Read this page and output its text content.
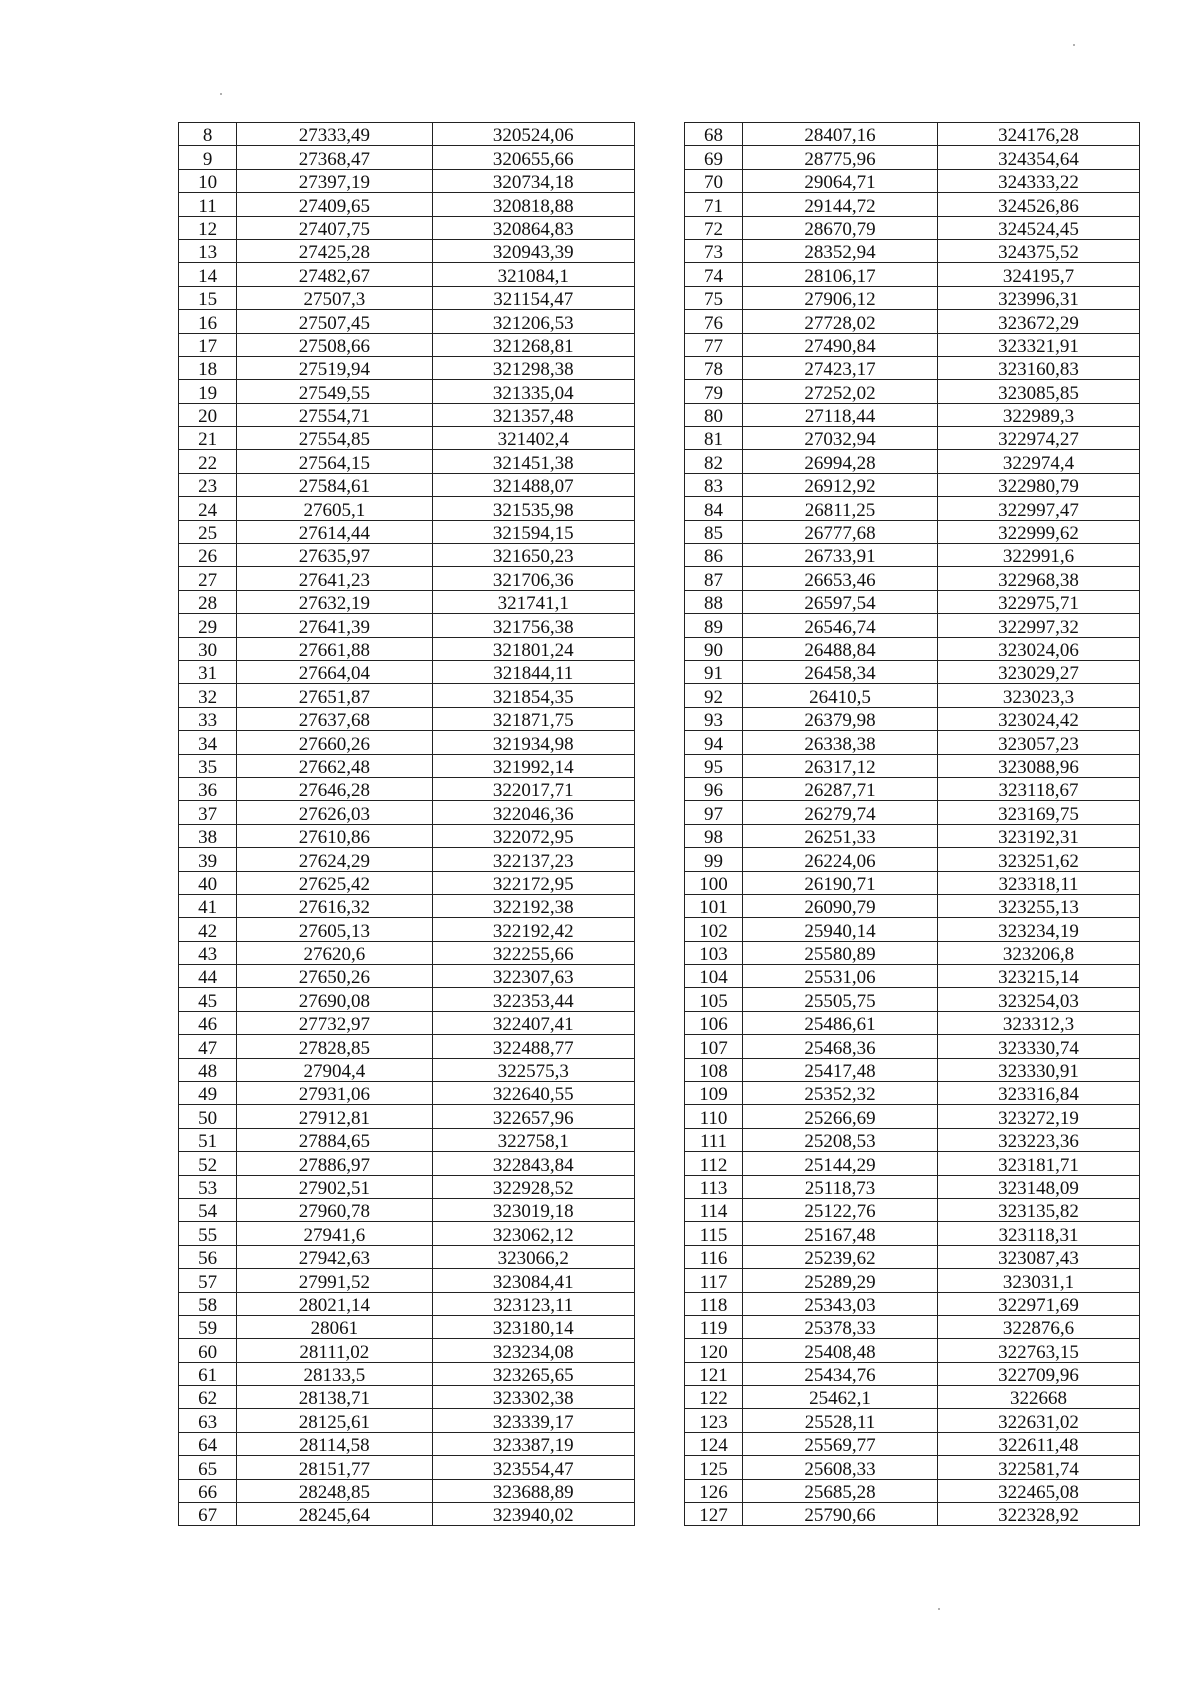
8	27333,49	320524,06
9	27368,47	320655,66
10	27397,19	320734,18
11	27409,65	320818,88
12	27407,75	320864,83
13	27425,28	320943,39
14	27482,67	321084,1
15	27507,3	321154,47
16	27507,45	321206,53
17	27508,66	321268,81
18	27519,94	321298,38
19	27549,55	321335,04
20	27554,71	321357,48
21	27554,85	321402,4
22	27564,15	321451,38
23	27584,61	321488,07
24	27605,1	321535,98
25	27614,44	321594,15
26	27635,97	321650,23
27	27641,23	321706,36
28	27632,19	321741,1
29	27641,39	321756,38
30	27661,88	321801,24
31	27664,04	321844,11
32	27651,87	321854,35
33	27637,68	321871,75
34	27660,26	321934,98
35	27662,48	321992,14
36	27646,28	322017,71
37	27626,03	322046,36
38	27610,86	322072,95
39	27624,29	322137,23
40	27625,42	322172,95
41	27616,32	322192,38
42	27605,13	322192,42
43	27620,6	322255,66
44	27650,26	322307,63
45	27690,08	322353,44
46	27732,97	322407,41
47	27828,85	322488,77
48	27904,4	322575,3
49	27931,06	322640,55
50	27912,81	322657,96
51	27884,65	322758,1
52	27886,97	322843,84
53	27902,51	322928,52
54	27960,78	323019,18
55	27941,6	323062,12
56	27942,63	323066,2
57	27991,52	323084,41
58	28021,14	323123,11
59	28061	323180,14
60	28111,02	323234,08
61	28133,5	323265,65
62	28138,71	323302,38
63	28125,61	323339,17
64	28114,58	323387,19
65	28151,77	323554,47
66	28248,85	323688,89
67	28245,64	323940,02
68	28407,16	324176,28
69	28775,96	324354,64
70	29064,71	324333,22
71	29144,72	324526,86
72	28670,79	324524,45
73	28352,94	324375,52
74	28106,17	324195,7
75	27906,12	323996,31
76	27728,02	323672,29
77	27490,84	323321,91
78	27423,17	323160,83
79	27252,02	323085,85
80	27118,44	322989,3
81	27032,94	322974,27
82	26994,28	322974,4
83	26912,92	322980,79
84	26811,25	322997,47
85	26777,68	322999,62
86	26733,91	322991,6
87	26653,46	322968,38
88	26597,54	322975,71
89	26546,74	322997,32
90	26488,84	323024,06
91	26458,34	323029,27
92	26410,5	323023,3
93	26379,98	323024,42
94	26338,38	323057,23
95	26317,12	323088,96
96	26287,71	323118,67
97	26279,74	323169,75
98	26251,33	323192,31
99	26224,06	323251,62
100	26190,71	323318,11
101	26090,79	323255,13
102	25940,14	323234,19
103	25580,89	323206,8
104	25531,06	323215,14
105	25505,75	323254,03
106	25486,61	323312,3
107	25468,36	323330,74
108	25417,48	323330,91
109	25352,32	323316,84
110	25266,69	323272,19
111	25208,53	323223,36
112	25144,29	323181,71
113	25118,73	323148,09
114	25122,76	323135,82
115	25167,48	323118,31
116	25239,62	323087,43
117	25289,29	323031,1
118	25343,03	322971,69
119	25378,33	322876,6
120	25408,48	322763,15
121	25434,76	322709,96
122	25462,1	322668
123	25528,11	322631,02
124	25569,77	322611,48
125	25608,33	322581,74
126	25685,28	322465,08
127	25790,66	322328,92
